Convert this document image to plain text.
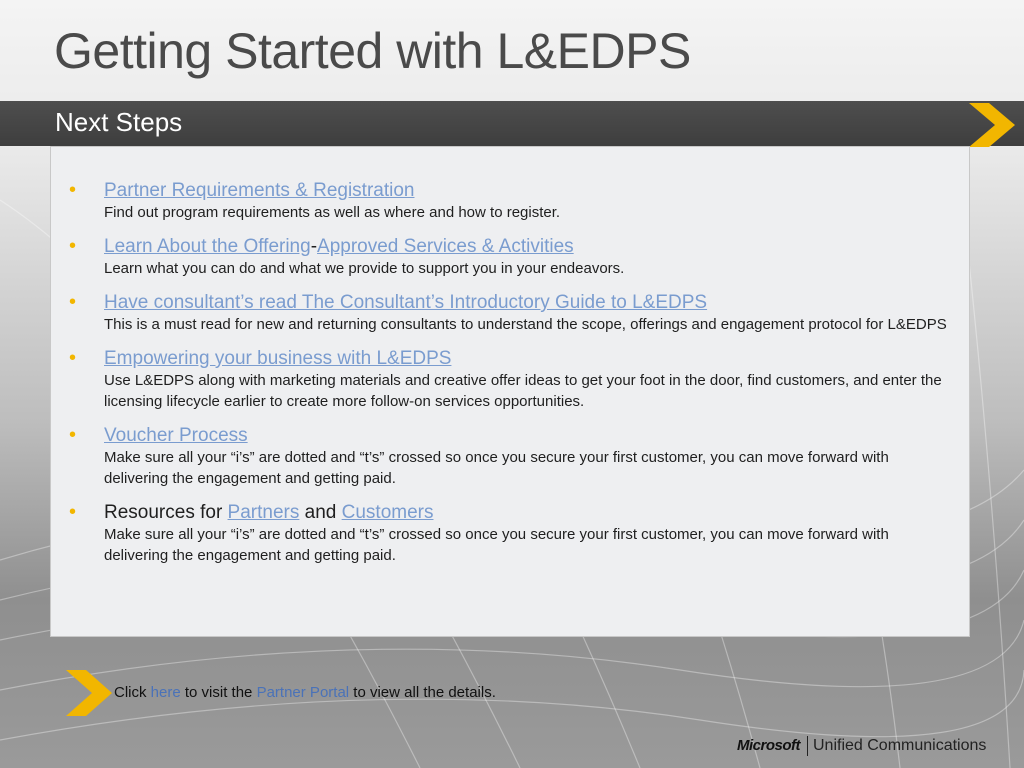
Getting Started with L&EDPS
Next Steps
• Partner Requirements & Registration
Find out program requirements as well as where and how to register.
• Learn About the Offering-Approved Services & Activities
Learn what you can do and what we provide to support you in your endeavors.
• Have consultant’s read The Consultant’s Introductory Guide to L&EDPS
This is a must read for new and returning consultants to understand the scope, offerings and engagement protocol for L&EDPS
• Empowering your business with L&EDPS
Use L&EDPS along with marketing materials and creative offer ideas to get your foot in the door, find customers, and enter the licensing lifecycle earlier to create more follow-on services opportunities.
• Voucher Process
Make sure all your “i’s” are dotted and “t’s” crossed so once you secure your first customer, you can move forward with delivering the engagement and getting paid.
• Resources for Partners and Customers
Make sure all your “i’s” are dotted and “t’s” crossed so once you secure your first customer, you can move forward with delivering the engagement and getting paid.
Click here to visit the Partner Portal to view all the details.
Microsoft Unified Communications
